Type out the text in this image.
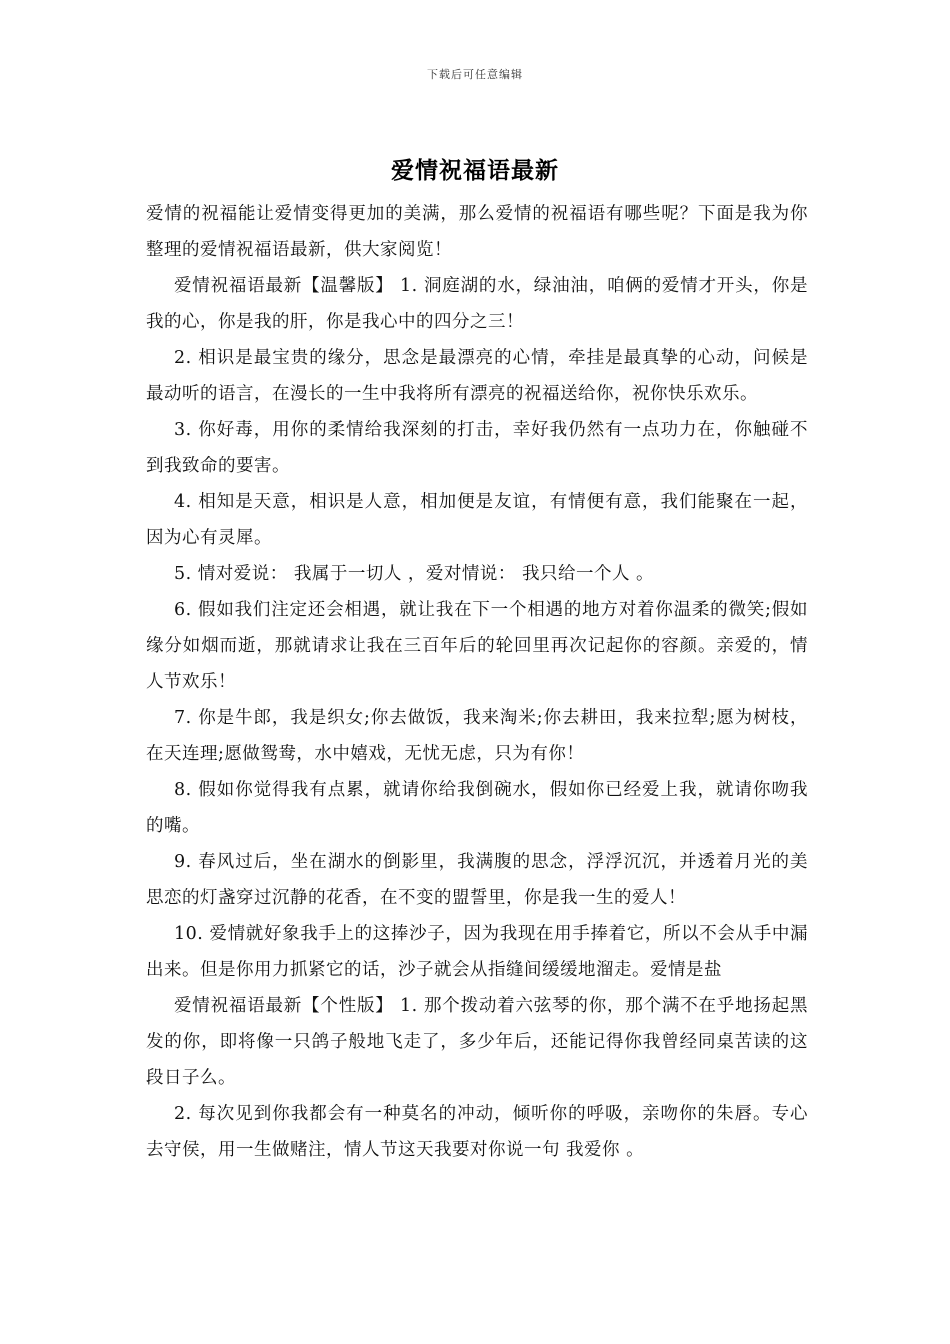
下载后可任意编辑
爱情祝福语最新

爱情的祝福能让爱情变得更加的美满，那么爱情的祝福语有哪些呢？下面是我为你整理的爱情祝福语最新，供大家阅览！

爱情祝福语最新【温馨版】 1. 洞庭湖的水，绿油油，咱俩的爱情才开头，你是我的心，你是我的肝，你是我心中的四分之三！

2. 相识是最宝贵的缘分，思念是最漂亮的心情，牵挂是最真挚的心动，问候是最动听的语言，在漫长的一生中我将所有漂亮的祝福送给你，祝你快乐欢乐。

3. 你好毒，用你的柔情给我深刻的打击，幸好我仍然有一点功力在，你触碰不到我致命的要害。

4. 相知是天意，相识是人意，相加便是友谊，有情便有意，我们能聚在一起，因为心有灵犀。

5. 情对爱说： 我属于一切人 ，爱对情说： 我只给一个人 。

6. 假如我们注定还会相遇，就让我在下一个相遇的地方对着你温柔的微笑;假如缘分如烟而逝，那就请求让我在三百年后的轮回里再次记起你的容颜。亲爱的，情人节欢乐！

7. 你是牛郎，我是织女;你去做饭，我来淘米;你去耕田，我来拉犁;愿为树枝，在天连理;愿做鸳鸯，水中嬉戏，无忧无虑，只为有你！

8. 假如你觉得我有点累，就请你给我倒碗水，假如你已经爱上我，就请你吻我的嘴。

9. 春风过后，坐在湖水的倒影里，我满腹的思念，浮浮沉沉，并透着月光的美思恋的灯盏穿过沉静的花香，在不变的盟誓里，你是我一生的爱人！

10. 爱情就好象我手上的这捧沙子，因为我现在用手捧着它，所以不会从手中漏出来。但是你用力抓紧它的话，沙子就会从指缝间缓缓地溜走。爱情是盐

爱情祝福语最新【个性版】 1. 那个拨动着六弦琴的你，那个满不在乎地扬起黑发的你，即将像一只鸽子般地飞走了，多少年后，还能记得你我曾经同桌苦读的这段日子么。

2. 每次见到你我都会有一种莫名的冲动，倾听你的呼吸，亲吻你的朱唇。专心去守侯，用一生做赌注，情人节这天我要对你说一句 我爱你 。
